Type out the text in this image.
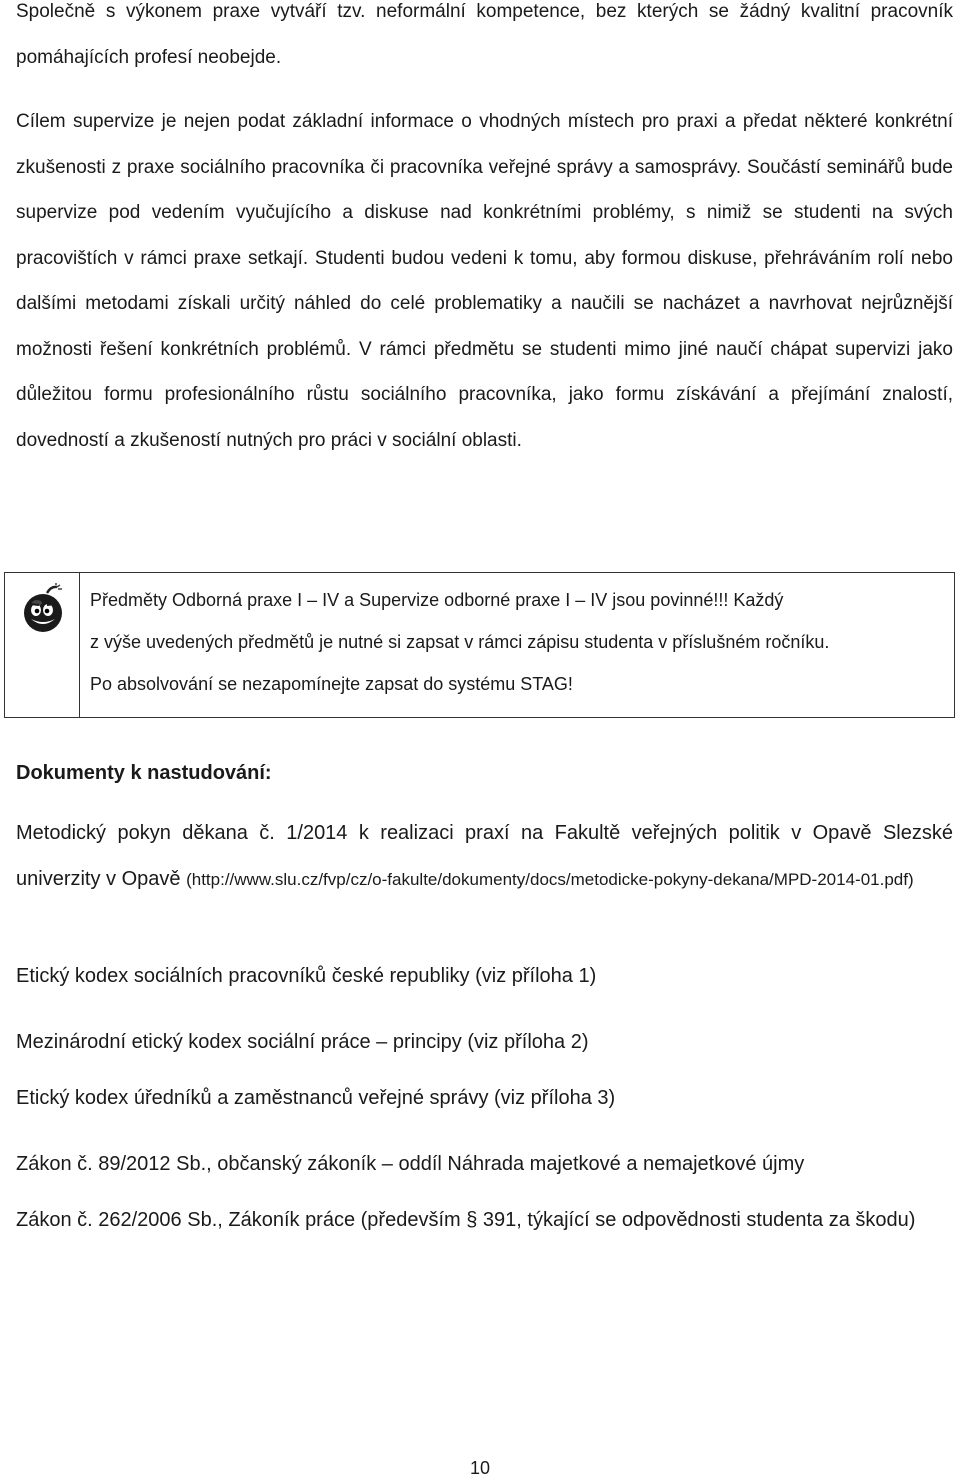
Společně s výkonem praxe vytváří tzv. neformální kompetence, bez kterých se žádný kvalitní pracovník pomáhajících profesí neobejde.

Cílem supervize je nejen podat základní informace o vhodných místech pro praxi a předat některé konkrétní zkušenosti z praxe sociálního pracovníka či pracovníka veřejné správy a samosprávy. Součástí seminářů bude supervize pod vedením vyučujícího a diskuse nad konkrétními problémy, s nimiž se studenti na svých pracovištích v rámci praxe setkají. Studenti budou vedeni k tomu, aby formou diskuse, přehráváním rolí nebo dalšími metodami získali určitý náhled do celé problematiky a naučili se nacházet a navrhovat nejrůznější možnosti řešení konkrétních problémů. V rámci předmětu se studenti mimo jiné naučí chápat supervizi jako důležitou formu profesionálního růstu sociálního pracovníka, jako formu získávání a přejímání znalostí, dovedností a zkušeností nutných pro práci v sociální oblasti.

Předměty Odborná praxe I – IV a Supervize odborné praxe I – IV jsou povinné!!! Každý
z výše uvedených předmětů je nutné si zapsat v rámci zápisu studenta v příslušném ročníku.
Po absolvování se nezapomínejte zapsat do systému STAG!

Dokumenty k nastudování:

Metodický pokyn děkana č. 1/2014 k realizaci praxí na Fakultě veřejných politik v Opavě Slezské univerzity v Opavě (http://www.slu.cz/fvp/cz/o-fakulte/dokumenty/docs/metodicke-pokyny-dekana/MPD-2014-01.pdf)

Etický kodex sociálních pracovníků české republiky (viz příloha 1)

Mezinárodní etický kodex sociální práce – principy (viz příloha 2)

Etický kodex úředníků a zaměstnanců veřejné správy (viz příloha 3)

Zákon č. 89/2012 Sb., občanský zákoník – oddíl Náhrada majetkové a nemajetkové újmy

Zákon č. 262/2006 Sb., Zákoník práce (především § 391, týkající se odpovědnosti studenta za škodu)

10
